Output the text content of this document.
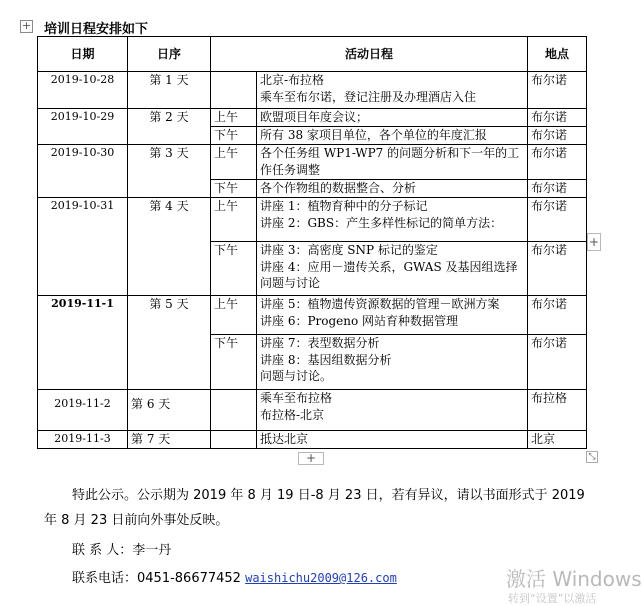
+ 培训日程安排如下
日期	日序	活动日程		地点
2019-10-28	第 1 天		北京-布拉格
乘车至布尔诺，登记注册及办理酒店入住	布尔诺
2019-10-29	第 2 天	上午	欧盟项目年度会议；	布尔诺
		下午	所有 38 家项目单位，各个单位的年度汇报	布尔诺
2019-10-30	第 3 天	上午	各个任务组 WP1-WP7 的问题分析和下一年的工
作任务调整	布尔诺
		下午	各个作物组的数据整合、分析	布尔诺
2019-10-31	第 4 天	上午	讲座 1：植物育种中的分子标记
讲座 2：GBS：产生多样性标记的简单方法：	布尔诺
		下午	讲座 3：高密度 SNP 标记的鉴定
讲座 4：应用－遗传关系，GWAS 及基因组选择
问题与讨论	布尔诺
2019-11-1	第 5 天	上午	讲座 5：植物遗传资源数据的管理－欧洲方案
讲座 6：Progeno 网站育种数据管理	布尔诺
		下午	讲座 7：表型数据分析
讲座 8：基因组数据分析
问题与讨论。	布尔诺
2019-11-2	第 6 天		乘车至布拉格
布拉格-北京	布拉格
2019-11-3	第 7 天		抵达北京	北京
+
+	⤡
特此公示。公示期为 2019 年 8 月 19 日-8 月 23 日，若有异议，请以书面形式于 2019 年 8 月 23 日前向外事处反映。
联 系 人：李一丹
联系电话：0451-86677452 waishichu2009@126.com	激活 Windows
转到“设置”以激活
